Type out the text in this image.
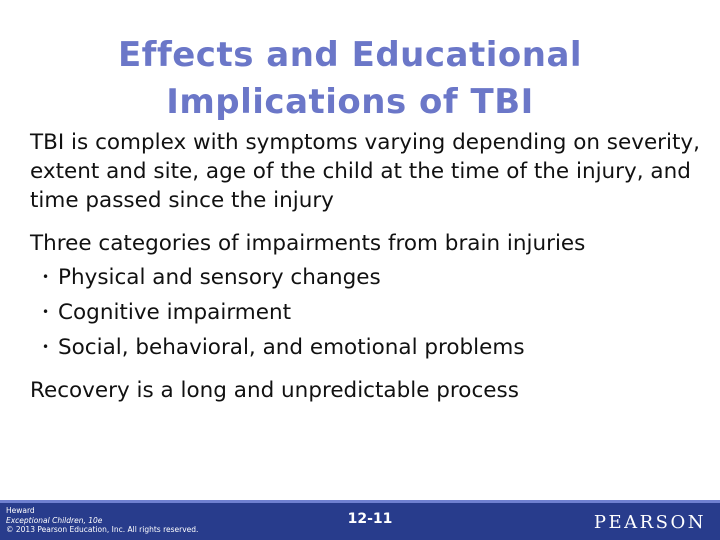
Effects and Educational
Implications of TBI

TBI is complex with symptoms varying depending on severity, extent and site, age of the child at the time of the injury, and time passed since the injury

Three categories of impairments from brain injuries

• Physical and sensory changes
• Cognitive impairment
• Social, behavioral, and emotional problems

Recovery is a long and unpredictable process

Heward
Exceptional Children, 10e
© 2013 Pearson Education, Inc. All rights reserved.
12-11	PEARSON
